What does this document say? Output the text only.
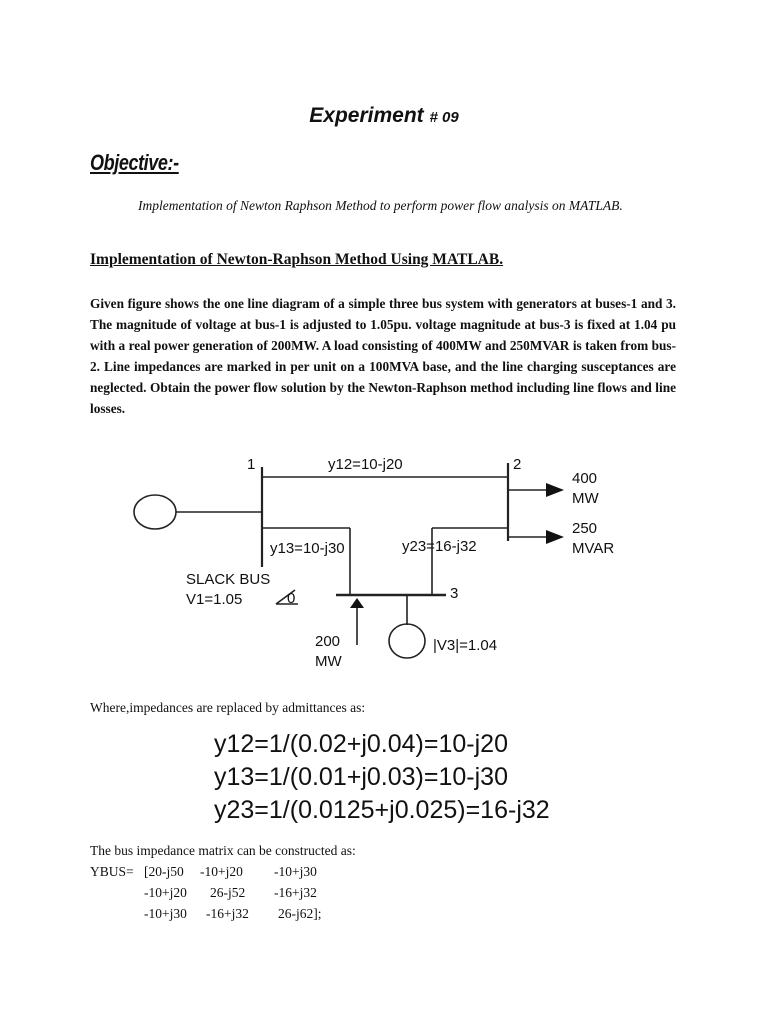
Experiment # 09
Objective:-
Implementation of Newton Raphson Method to perform power flow analysis on MATLAB.
Implementation of Newton-Raphson Method Using MATLAB.
Given figure shows the one line diagram of a simple three bus system with generators at buses-1 and 3. The magnitude of voltage at bus-1 is adjusted to 1.05pu. voltage magnitude at bus-3 is fixed at 1.04 pu with a real power generation of 200MW. A load consisting of 400MW and 250MVAR is taken from bus-2. Line impedances are marked in per unit on a 100MVA base, and the line charging susceptances are neglected. Obtain the power flow solution by the Newton-Raphson method including line flows and line losses.
1	2
3
y12=10-j20
y13=10-j30	y23=16-j32
400
MW
250
MVAR
SLACK BUS
V1=1.05	0
200
MW
|V3|=1.04
Where,impedances are replaced by admittances as:
y12=1/(0.02+j0.04)=10-j20
y13=1/(0.01+j0.03)=10-j30
y23=1/(0.0125+j0.025)=16-j32
The bus impedance matrix can be constructed as:
YBUS= [20-j50 -10+j20 -10+j30
-10+j20 26-j52 -16+j32
-10+j30 -16+j32 26-j62];
